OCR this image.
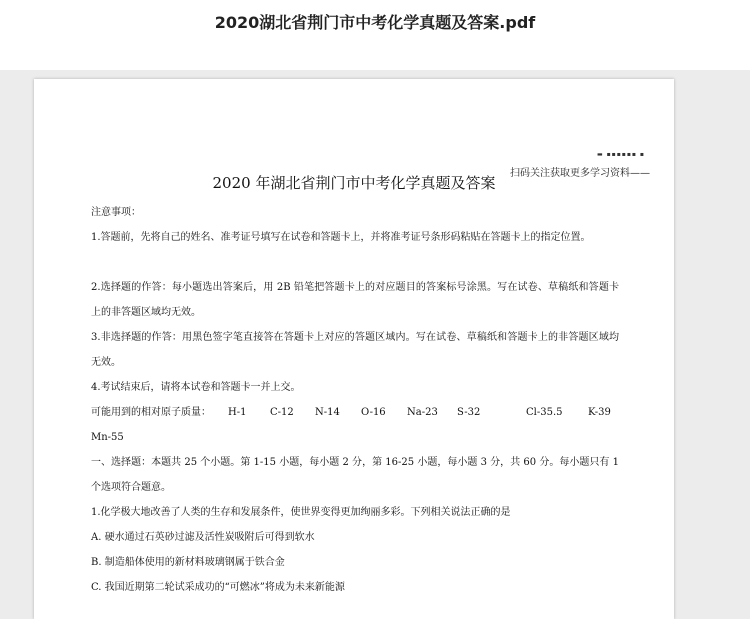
2020湖北省荆门市中考化学真题及答案.pdf
▬ ▪▪▪▪▪▪ ▪
扫码关注获取更多学习资料——
2020 年湖北省荆门市中考化学真题及答案
注意事项：
1.答题前，先将自己的姓名、准考证号填写在试卷和答题卡上，并将准考证号条形码粘贴在答题卡上的指定位置。
2.选择题的作答：每小题选出答案后，用 2B 铅笔把答题卡上的对应题目的答案标号涂黑。写在试卷、草稿纸和答题卡上的非答题区域均无效。
3.非选择题的作答：用黑色签字笔直接答在答题卡上对应的答题区域内。写在试卷、草稿纸和答题卡上的非答题区域均无效。
4.考试结束后，请将本试卷和答题卡一并上交。
可能用到的相对原子质量： H-1 C-12 N-14 O-16 Na-23 S-32	Cl-35.5	K-39
Mn-55
一、选择题：本题共 25 个小题。第 1-15 小题，每小题 2 分，第 16-25 小题，每小题 3 分，共 60 分。每小题只有 1 个选项符合题意。
1.化学极大地改善了人类的生存和发展条件，使世界变得更加绚丽多彩。下列相关说法正确的是
A. 硬水通过石英砂过滤及活性炭吸附后可得到软水
B. 制造船体使用的新材料玻璃钢属于铁合金
C. 我国近期第二轮试采成功的“可燃冰”将成为未来新能源
